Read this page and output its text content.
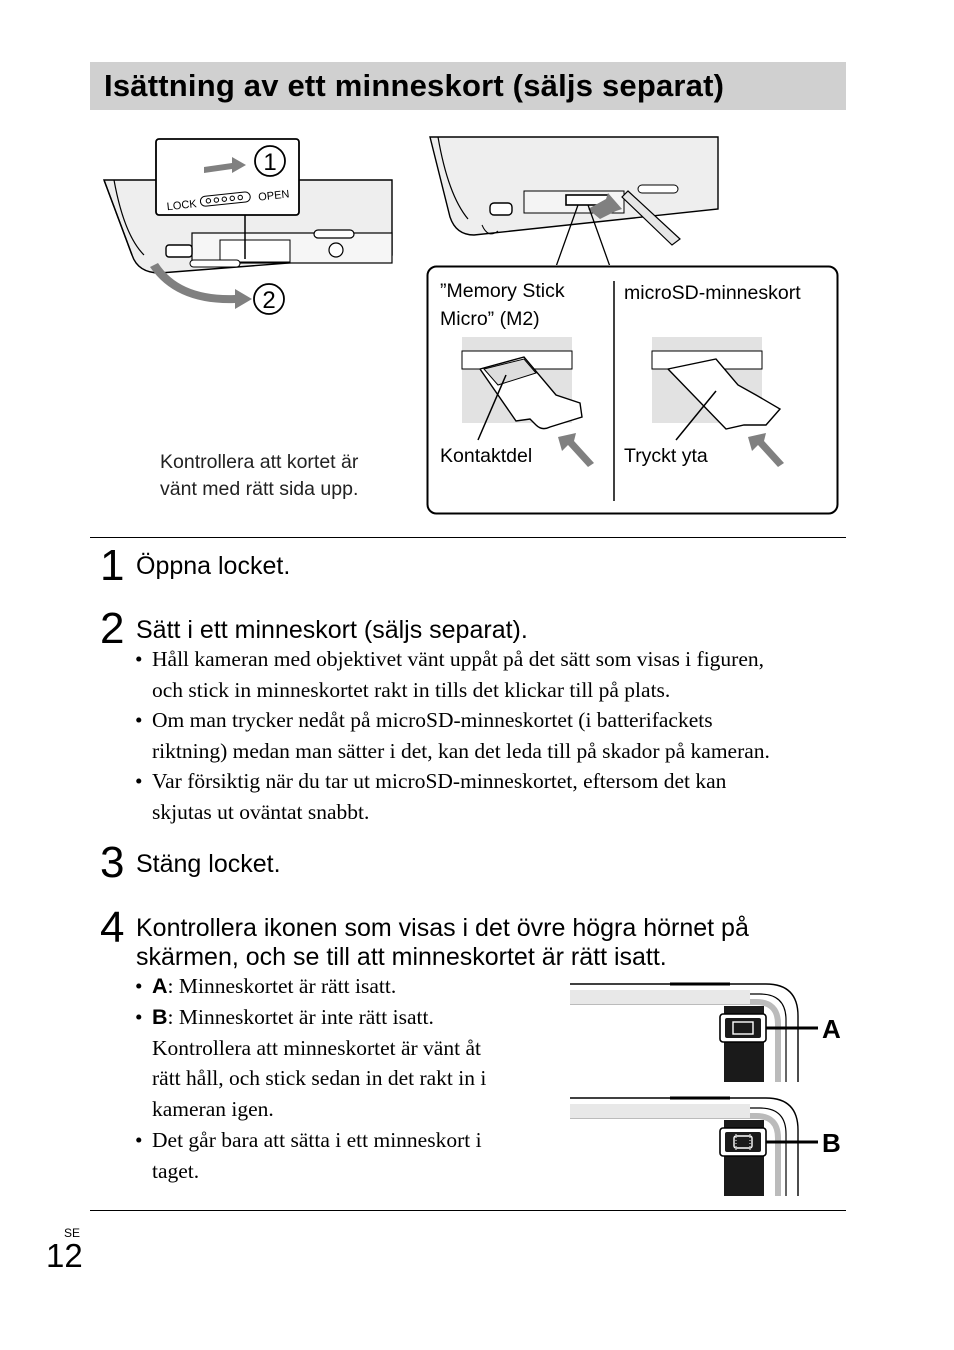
Isättning av ett minneskort (säljs separat)
1
LOCK
OPEN
2
Kontrollera att kortet är
vänt med rätt sida upp.
”Memory Stick
Micro” (M2)
microSD-minneskort
Kontaktdel	Tryckt yta
1 Öppna locket.
2 Sätt i ett minneskort (säljs separat).
• Håll kameran med objektivet vänt uppåt på det sätt som visas i figuren,
och stick in minneskortet rakt in tills det klickar till på plats.
• Om man trycker nedåt på microSD-minneskortet (i batterifackets
riktning) medan man sätter i det, kan det leda till på skador på kameran.
• Var försiktig när du tar ut microSD-minneskortet, eftersom det kan
skjutas ut oväntat snabbt.
3 Stäng locket.
4 Kontrollera ikonen som visas i det övre högra hörnet på
skärmen, och se till att minneskortet är rätt isatt.
• A: Minneskortet är rätt isatt.
• B: Minneskortet är inte rätt isatt.
Kontrollera att minneskortet är vänt åt
rätt håll, och stick sedan in det rakt in i
kameran igen.
• Det går bara att sätta i ett minneskort i
taget.
A
B
SE
12
